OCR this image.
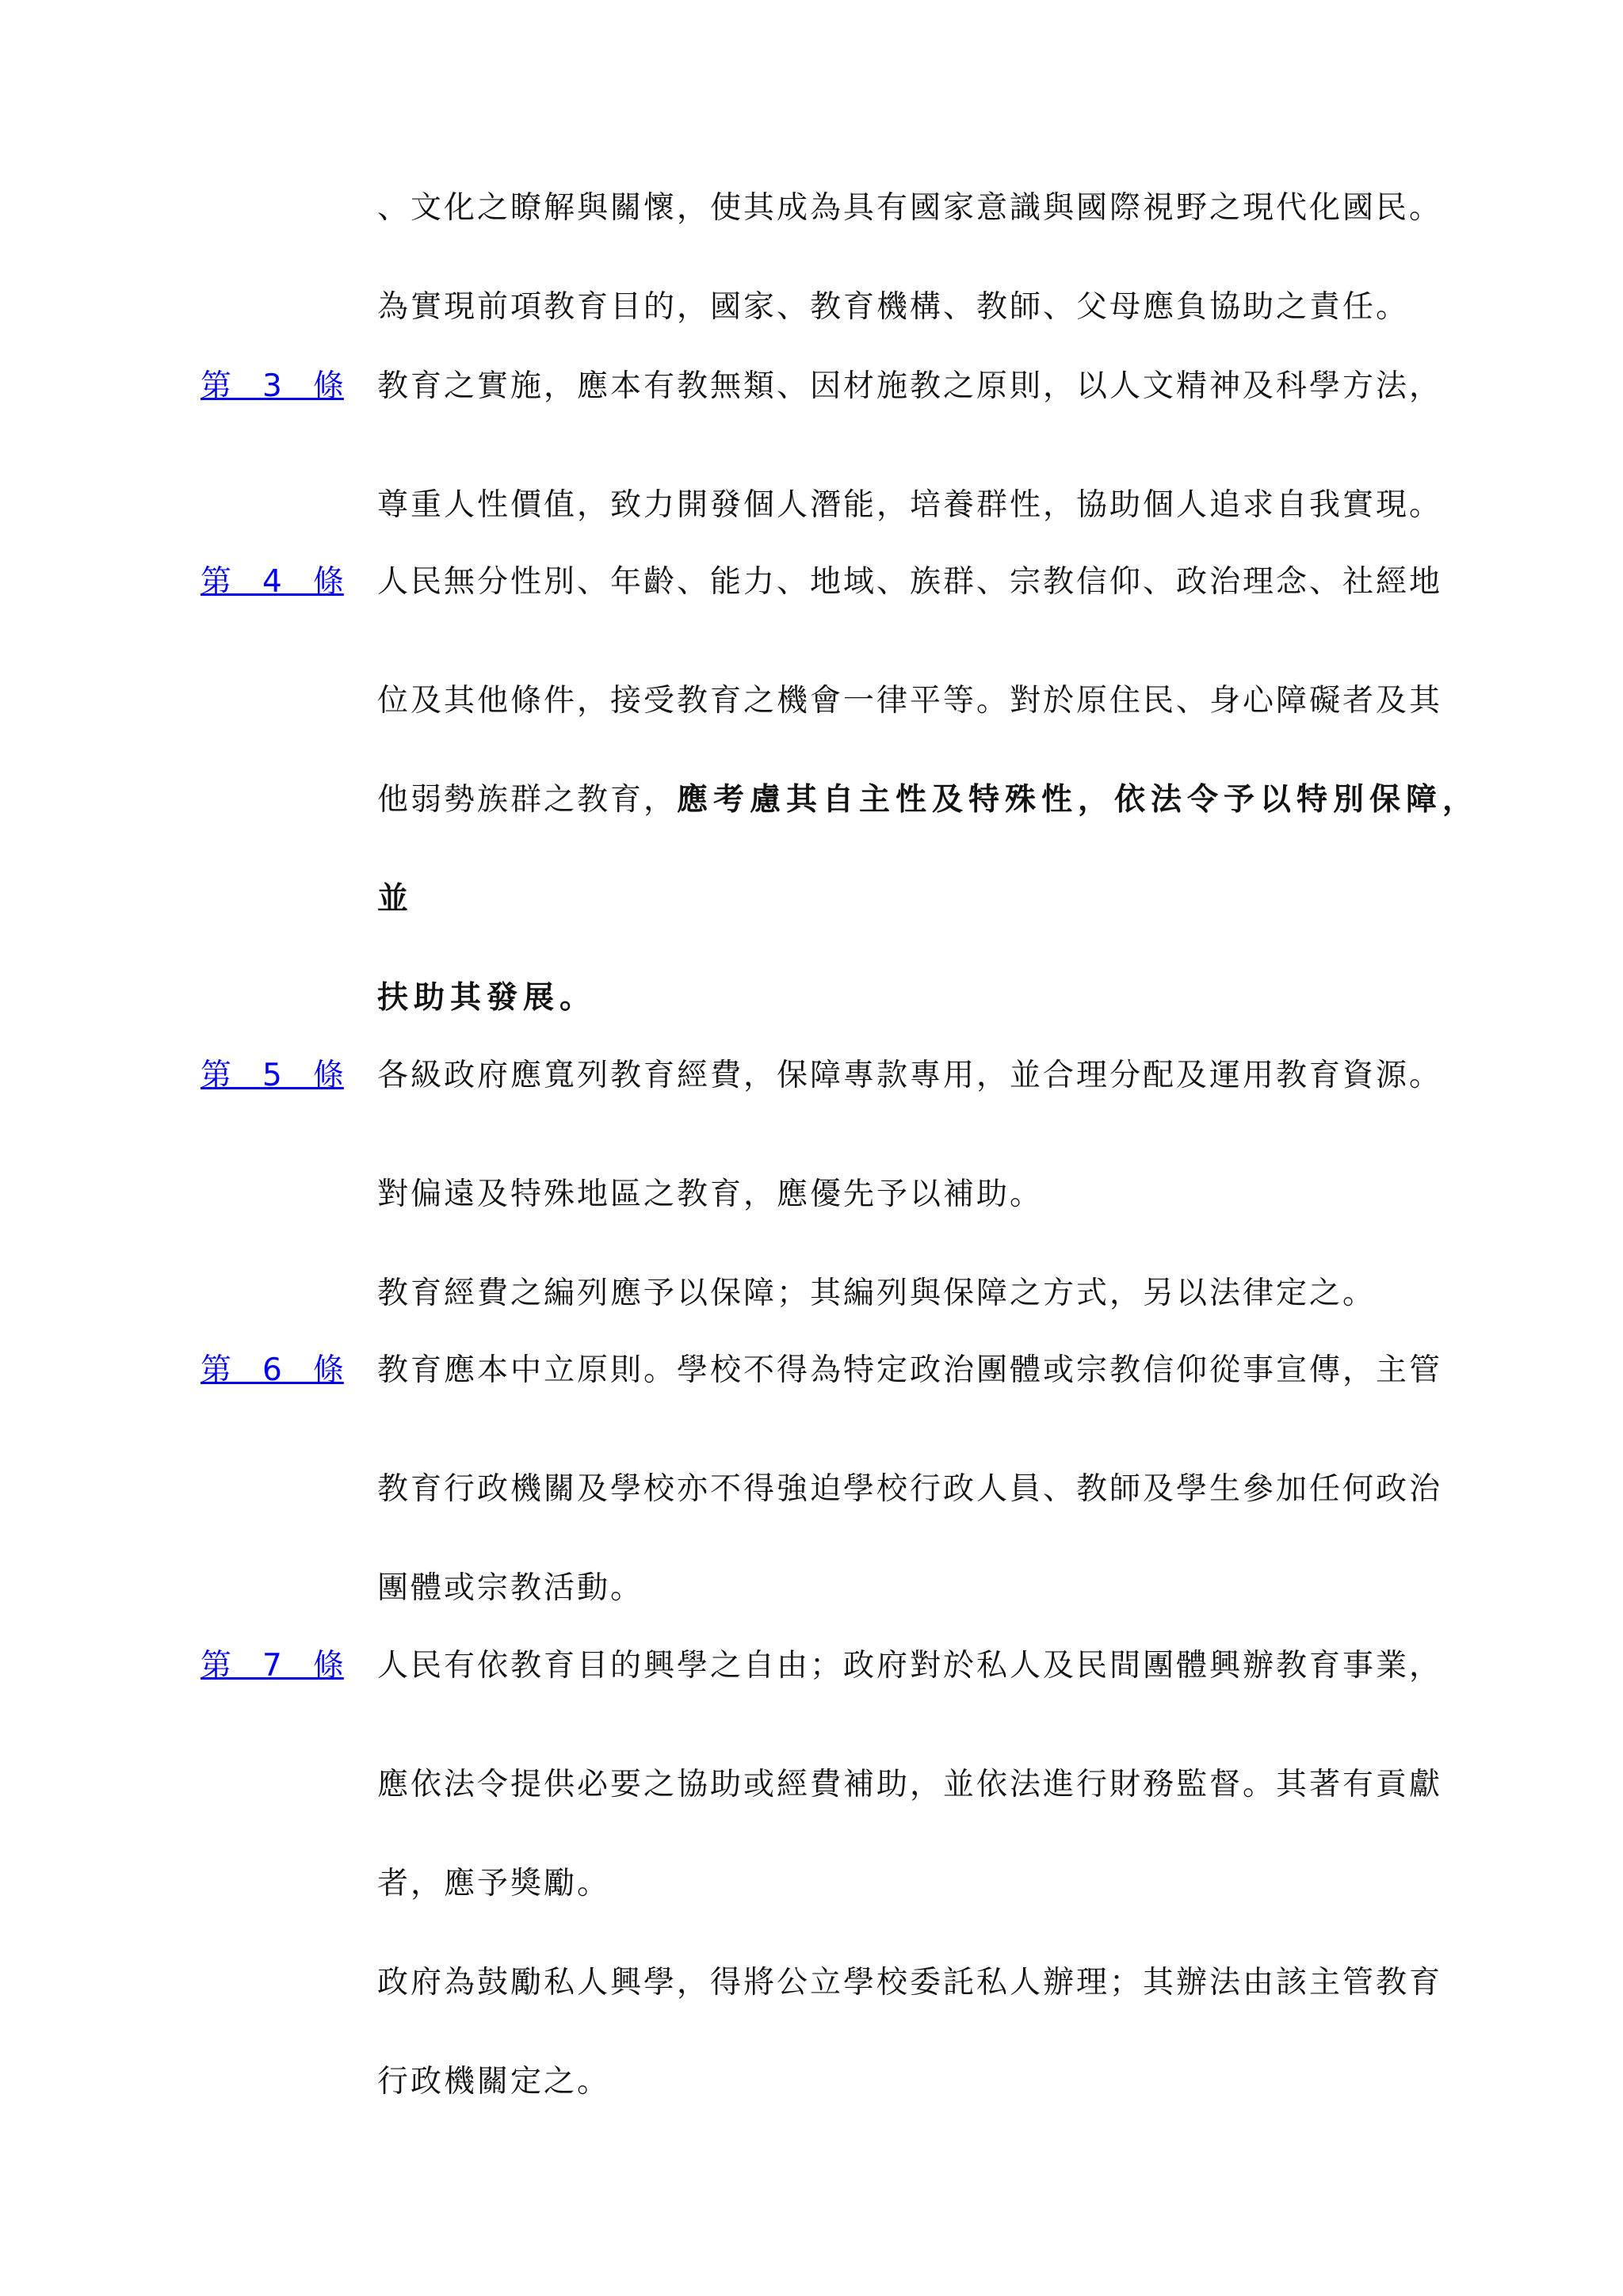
、文化之瞭解與關懷，使其成為具有國家意識與國際視野之現代化國民。
為實現前項教育目的，國家、教育機構、教師、父母應負協助之責任。
第　3　條	教育之實施，應本有教無類、因材施教之原則，以人文精神及科學方法，
尊重人性價值，致力開發個人潛能，培養群性，協助個人追求自我實現。
第　4　條	人民無分性別、年齡、能力、地域、族群、宗教信仰、政治理念、社經地
位及其他條件，接受教育之機會一律平等。對於原住民、身心障礙者及其
他弱勢族群之教育，應考慮其自主性及特殊性，依法令予以特別保障，
並
扶助其發展。
第　5　條	各級政府應寬列教育經費，保障專款專用，並合理分配及運用教育資源。
對偏遠及特殊地區之教育，應優先予以補助。
教育經費之編列應予以保障；其編列與保障之方式，另以法律定之。
第　6　條	教育應本中立原則。學校不得為特定政治團體或宗教信仰從事宣傳，主管
教育行政機關及學校亦不得強迫學校行政人員、教師及學生參加任何政治
團體或宗教活動。
第　7　條	人民有依教育目的興學之自由；政府對於私人及民間團體興辦教育事業，
應依法令提供必要之協助或經費補助，並依法進行財務監督。其著有貢獻
者，應予獎勵。
政府為鼓勵私人興學，得將公立學校委託私人辦理；其辦法由該主管教育
行政機關定之。
